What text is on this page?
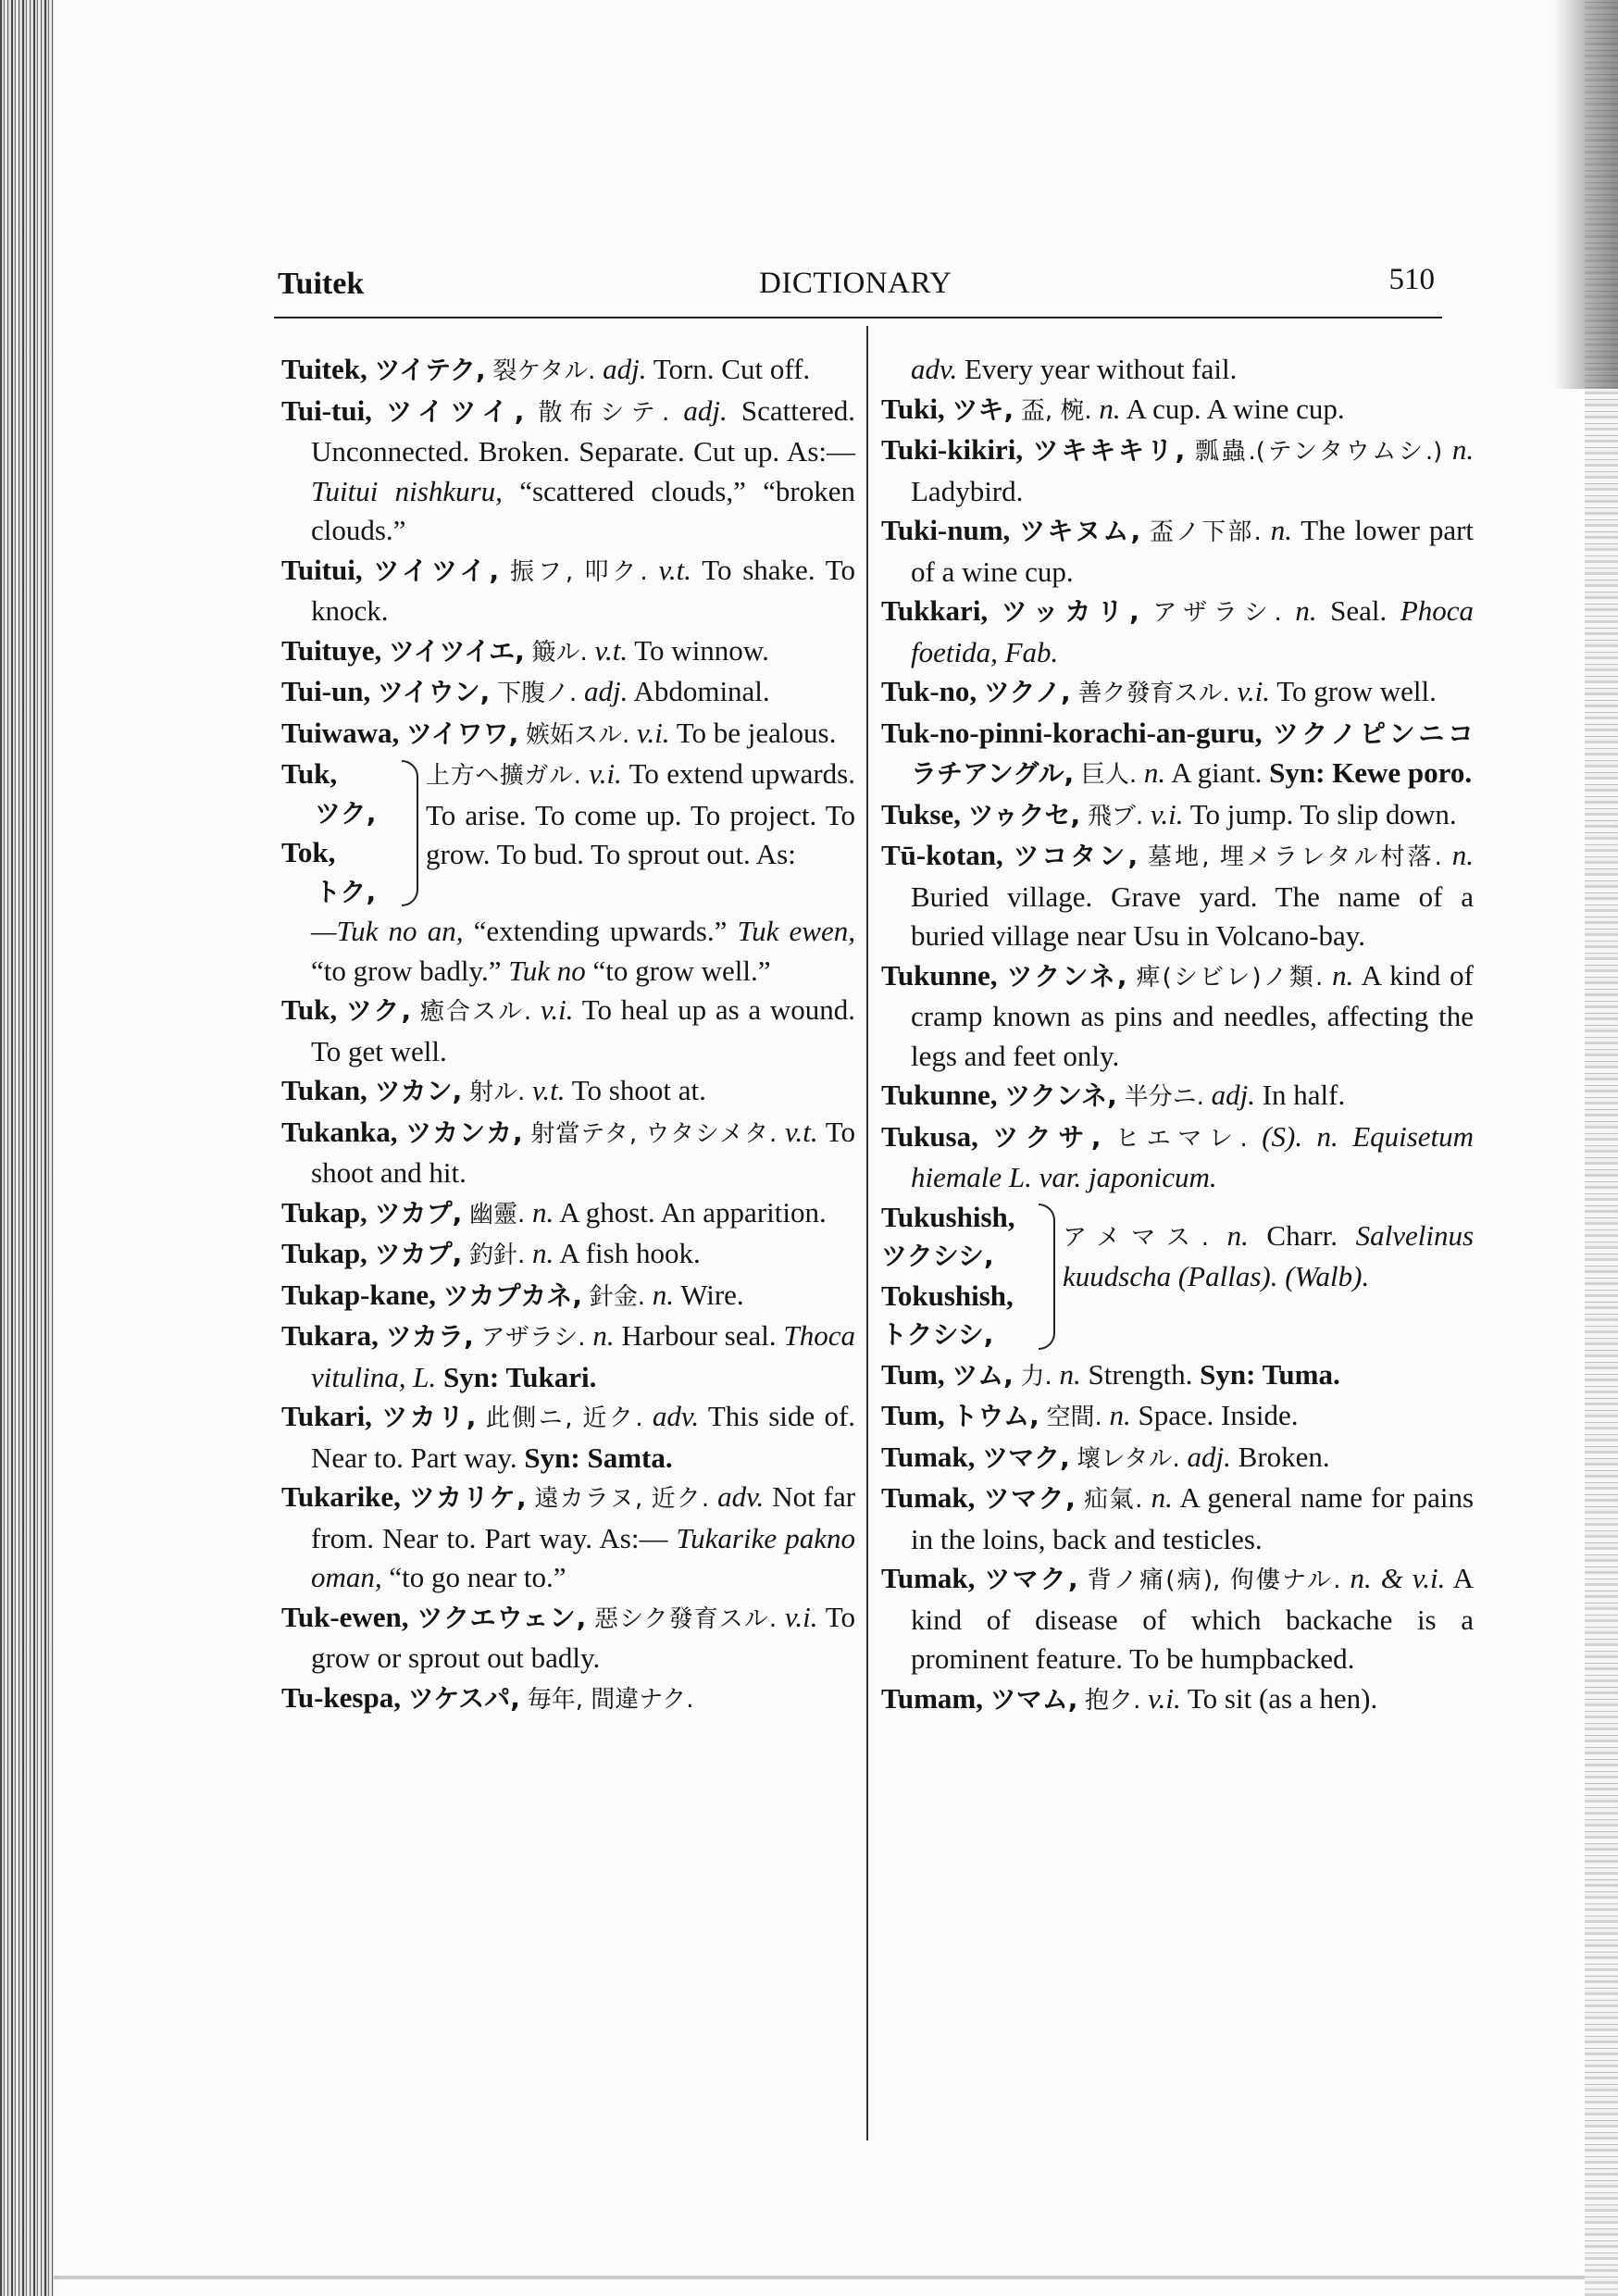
Tuitek	DICTIONARY	510

Tuitek, ツイテク, 裂ケタル. adj. Torn. Cut off.

Tui-tui, ツイツイ, 散布シテ. adj. Scattered. Unconnected. Broken. Separate. Cut up. As:— Tuitui nishkuru, “scattered clouds,” “broken clouds.”

Tuitui, ツイツイ, 振フ, 叩ク. v.t. To shake. To knock.

Tuituye, ツイツイエ, 簸ル. v.t. To winnow.

Tui-un, ツイウン, 下腹ノ. adj. Abdominal.

Tuiwawa, ツイワワ, 嫉妬スル. v.i. To be jealous.

Tuk,
ツク,
Tok,
トク,
上方ヘ擴ガル. v.i. To extend upwards. To arise. To come up. To project. To grow. To bud. To sprout out. As:

—Tuk no an, “extending upwards.” Tuk ewen, “to grow badly.” Tuk no “to grow well.”

Tuk, ツク, 癒合スル. v.i. To heal up as a wound. To get well.

Tukan, ツカン, 射ル. v.t. To shoot at.

Tukanka, ツカンカ, 射當テタ, ウタシメタ. v.t. To shoot and hit.

Tukap, ツカプ, 幽靈. n. A ghost. An apparition.

Tukap, ツカプ, 釣針. n. A fish hook.

Tukap-kane, ツカプカネ, 針金. n. Wire.

Tukara, ツカラ, アザラシ. n. Harbour seal. Thoca vitulina, L. Syn: Tukari.

Tukari, ツカリ, 此側ニ, 近ク. adv. This side of. Near to. Part way. Syn: Samta.

Tukarike, ツカリケ, 遠カラヌ, 近ク. adv. Not far from. Near to. Part way. As:— Tukarike pakno oman, “to go near to.”

Tuk-ewen, ツクエウェン, 惡シク發育スル. v.i. To grow or sprout out badly.

Tu-kespa, ツケスパ, 毎年, 間違ナク.

adv. Every year without fail.

Tuki, ツキ, 盃, 椀. n. A cup. A wine cup.

Tuki-kikiri, ツキキキリ, 瓢蟲.(テンタウムシ.) n. Ladybird.

Tuki-num, ツキヌム, 盃ノ下部. n. The lower part of a wine cup.

Tukkari, ツッカリ, アザラシ. n. Seal. Phoca foetida, Fab.

Tuk-no, ツクノ, 善ク發育スル. v.i. To grow well.

Tuk-no-pinni-korachi-an-guru, ツクノピンニコラチアングル, 巨人. n. A giant. Syn: Kewe poro.

Tukse, ツゥクセ, 飛ブ. v.i. To jump. To slip down.

Tū-kotan, ツコタン, 墓地, 埋メラレタル村落. n. Buried village. Grave yard. The name of a buried village near Usu in Volcano-bay.

Tukunne, ツクンネ, 痺(シビレ)ノ類. n. A kind of cramp known as pins and needles, affecting the legs and feet only.

Tukunne, ツクンネ, 半分ニ. adj. In half.

Tukusa, ツクサ, ヒエマレ. (S). n. Equisetum hiemale L. var. japonicum.

Tukushish,
ツクシシ,
Tokushish,
トクシシ,
アメマス. n. Charr. Salvelinus kuudscha (Pallas). (Walb).

Tum, ツム, 力. n. Strength. Syn: Tuma.

Tum, トウム, 空間. n. Space. Inside.

Tumak, ツマク, 壞レタル. adj. Broken.

Tumak, ツマク, 疝氣. n. A general name for pains in the loins, back and testicles.

Tumak, ツマク, 背ノ痛(病), 佝僂ナル. n. & v.i. A kind of disease of which backache is a prominent feature. To be humpbacked.

Tumam, ツマム, 抱ク. v.i. To sit (as a hen).
